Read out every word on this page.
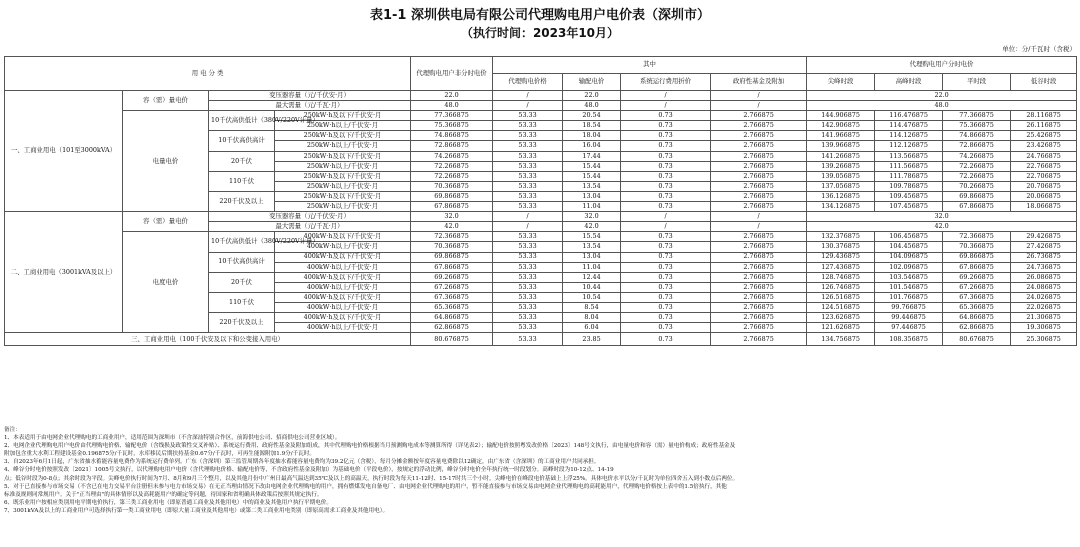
表1-1 深圳供电局有限公司代理购电用户电价表（深圳市）
（执行时间：2023年10月）
单位：分/千瓦时（含税）
用 电 分 类				代理购电用户非分时电价	其中				代理购电用户分时电价			
					代理购电价格	输配电价	系统运行费用折价	政府性基金及附加	尖峰时段	高峰时段	平时段	低谷时段
一、工商业用电（101至3000kVA）	容（需）量电价	变压器容量（元/千伏安·月）		22.0	/	22.0	/	/	22.0			
		最大需量（元/千瓦·月）		48.0	/	48.0	/	/	48.0			
	电量电价	10千伏高供低计（380V/220V计量）	250kW·h及以下/千伏安·月	77.366875	53.33	20.54	0.73	2.766875	144.906875	116.476875	77.366875	28.116875
			250kW·h以上/千伏安·月	75.366875	53.33	18.54	0.73	2.766875	142.906875	114.476875	75.366875	26.116875
		10千伏高供高计	250kW·h及以下/千伏安·月	74.866875	53.33	18.04	0.73	2.766875	141.966875	114.126875	74.866875	25.426875
			250kW·h以上/千伏安·月	72.866875	53.33	16.04	0.73	2.766875	139.966875	112.126875	72.866875	23.426875
		20千伏	250kW·h及以下/千伏安·月	74.266875	53.33	17.44	0.73	2.766875	141.266875	113.566875	74.266875	24.766875
			250kW·h以上/千伏安·月	72.266875	53.33	15.44	0.73	2.766875	139.266875	111.566875	72.266875	22.766875
		110千伏	250kW·h及以下/千伏安·月	72.266875	53.33	15.44	0.73	2.766875	139.056875	111.786875	72.266875	22.706875
			250kW·h以上/千伏安·月	70.366875	53.33	13.54	0.73	2.766875	137.056875	109.786875	70.266875	20.706875
		220千伏及以上	250kW·h及以下/千伏安·月	69.866875	53.33	13.04	0.73	2.766875	136.126875	109.456875	69.866875	20.066875
			250kW·h以上/千伏安·月	67.866875	53.33	11.04	0.73	2.766875	134.126875	107.456875	67.866875	18.066875
二、工商业用电（3001kVA及以上）	容（需）量电价	变压器容量（元/千伏安·月）		32.0	/	32.0	/	/	32.0			
		最大需量（元/千瓦·月）		42.0	/	42.0	/	/	42.0			
	电度电价	10千伏高供低计（380V/220V计量）	400kW·h及以下/千伏安·月	72.366875	53.33	15.54	0.73	2.766875	132.376875	106.456875	72.366875	29.426875
			400kW·h以上/千伏安·月	70.366875	53.33	13.54	0.73	2.766875	130.376875	104.456875	70.366875	27.426875
		10千伏高供高计	400kW·h及以下/千伏安·月	69.866875	53.33	13.04	0.73	2.766875	129.436875	104.096875	69.866875	26.736875
			400kW·h以上/千伏安·月	67.866875	53.33	11.04	0.73	2.766875	127.436875	102.096875	67.866875	24.736875
		20千伏	400kW·h及以下/千伏安·月	69.266875	53.33	12.44	0.73	2.766875	128.746875	103.546875	69.266875	26.086875
			400kW·h以上/千伏安·月	67.266875	53.33	10.44	0.73	2.766875	126.746875	101.546875	67.266875	24.086875
		110千伏	400kW·h及以下/千伏安·月	67.366875	53.33	10.54	0.73	2.766875	126.516875	101.766875	67.366875	24.026875
			400kW·h以上/千伏安·月	65.366875	53.33	8.54	0.73	2.766875	124.516875	99.766875	65.366875	22.026875
		220千伏及以上	400kW·h及以下/千伏安·月	64.866875	53.33	8.04	0.73	2.766875	123.626875	99.446875	64.866875	21.306875
			400kW·h以上/千伏安·月	62.866875	53.33	6.04	0.73	2.766875	121.626875	97.446875	62.866875	19.306875
三、工商业用电（100千伏安及以下和公变接入用电）				80.676875	53.33	23.85	0.73	2.766875	134.756875	108.356875	80.676875	25.306875
备注：
1、本表适用于由电网企业代理购电的工商业用户，适用范围为深圳市（不含深汕特别合作区，前海供电公司、招商供电公司营业区域）。
2、电网企业代理购电用户电价由代理购电价格、输配电价（含线损及政策性交叉补贴）、系统运行费用、政府性基金及附加组成，其中代理购电价格根据当月预测购电成本等测算所得（详见表2）；输配电价按照粤发改价格〔2023〕148号文执行，由电量电价和容（需）量电价构成；政府性基金及
附加包含重大水利工程建设基金0.196875分/千瓦时，水库移民后期扶持基金0.67分/千瓦时，可再生能源附加1.9分/千瓦时。
3、自2023年6月1日起，广东省抽水蓄能容量电费作为系统运行费单列。广东（含深圳）第三监管周期各年度抽水蓄能容量电费均为39.2亿元（含税），每月分摊金额按年度容量电费除以12确定，由广东省（含深圳）的工商业用户共同承担。
4、峰谷分时电价按照发改〔2021〕1005号文执行，以代理购电用户电价（含代理购电价格、输配电价等，不含政府性基金及附加）为基础电价（平段电价），按规定的浮动比例，峰谷分时电价全年执行统一时段划分。高峰时段为10-12点、14-19
点；低谷时段为0-8点；其余时段为平段。尖峰电价执行时间为7月、8月和9月三个整月，以及其他月份中广州日最高气温达到35℃及以上的高温天，执行时段为每天11-12时、15-17时共三个小时。尖峰电价在峰段电价基础上上浮25%。具体电价水平以分/千瓦时为单位四舍五入到小数点后两位。
5、对于已直接参与市场交易（不含已在电力交易平台注册但未参与电力市场交易）在无正当理由情况下改由电网企业代理购电的用户，拥有燃煤发电自备电厂、由电网企业代理购电的用户，暂不能直接参与市场交易由电网企业代理购电的高耗能用户，代理购电价格按上表中的1.5倍执行，其他
标准及规则同常规用户。关于"正当理由"的具体情形以及高耗能用户的确定等问题，待国家和省明确具体政策后按照其规定执行。
6、既乐业用户按相应类别用电平期电价执行，第三类工商业用电（即原普通工商业及其他用电）中的商业及其他用户执行平期电价。
7、3001kVA及以上的工商业用户可选择执行第一类工商业用电（即原大量工商业及其他用电）或第二类工商业用电类别（即原高需求工商业及其他用电）。
